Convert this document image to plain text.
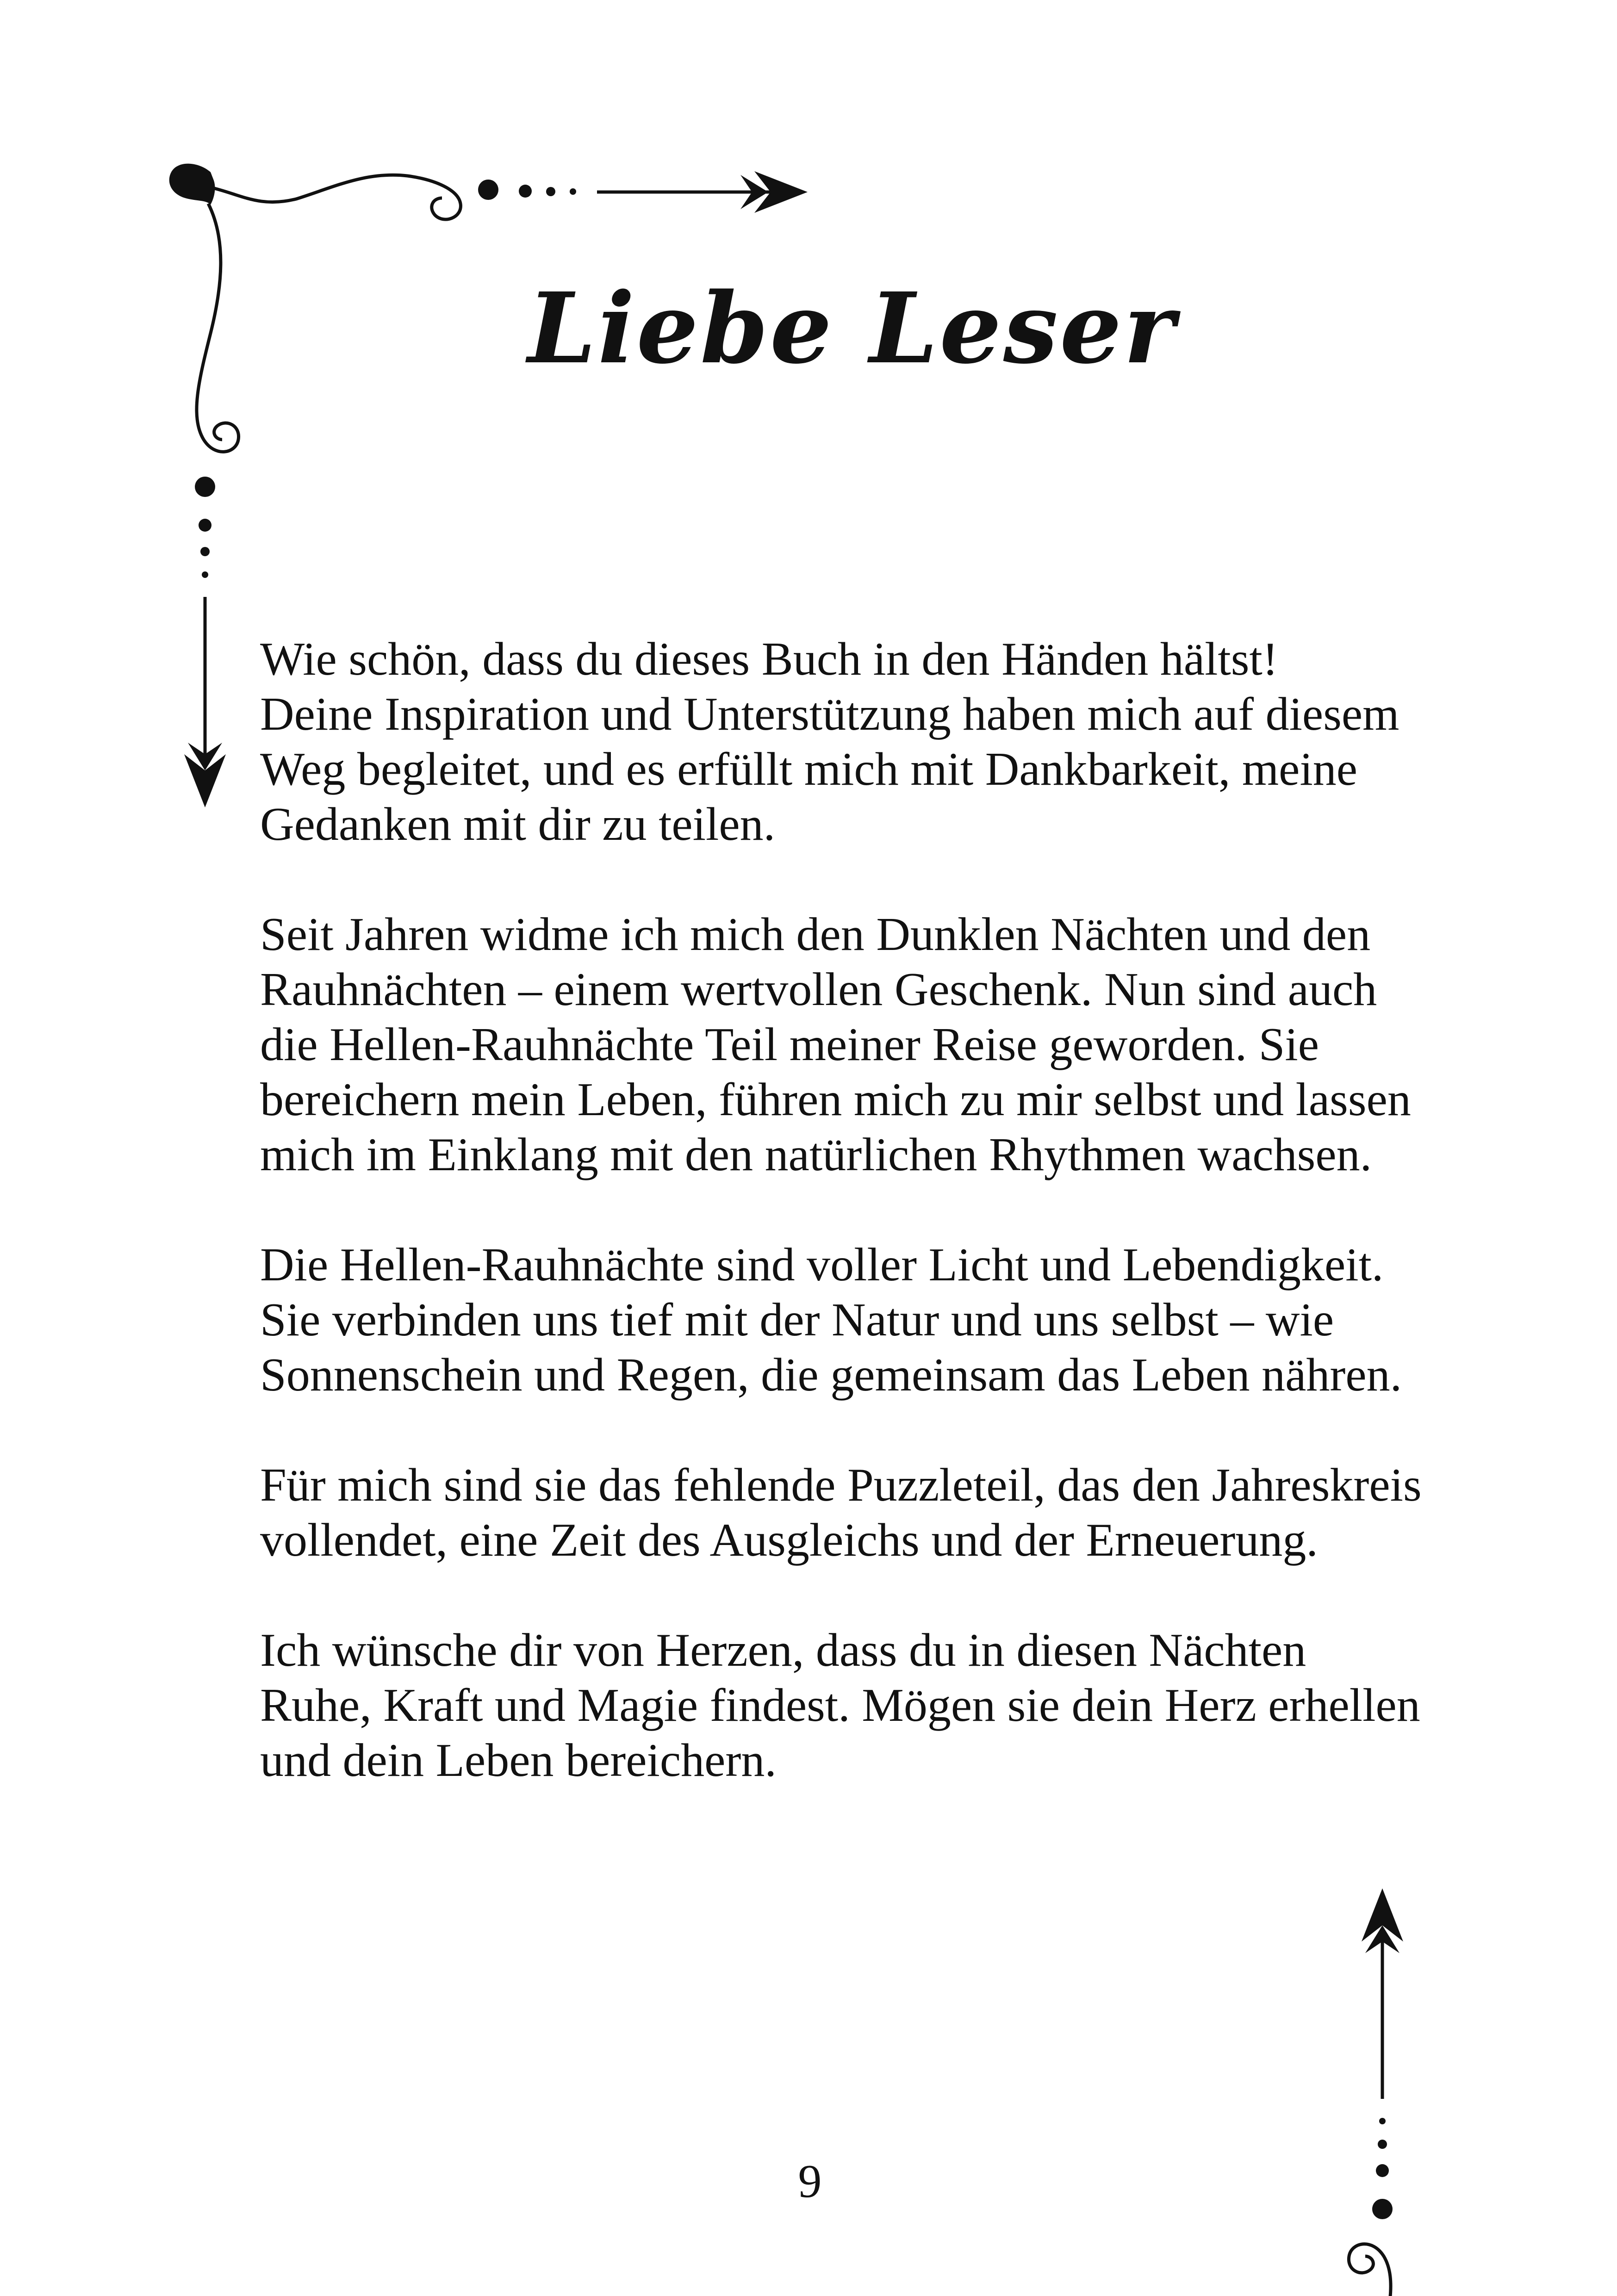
Liebe Leser

Wie schön, dass du dieses Buch in den Händen hältst!
Deine Inspiration und Unterstützung haben mich auf diesem
Weg begleitet, und es erfüllt mich mit Dankbarkeit, meine
Gedanken mit dir zu teilen.

Seit Jahren widme ich mich den Dunklen Nächten und den
Rauhnächten – einem wertvollen Geschenk. Nun sind auch
die Hellen-Rauhnächte Teil meiner Reise geworden. Sie
bereichern mein Leben, führen mich zu mir selbst und lassen
mich im Einklang mit den natürlichen Rhythmen wachsen.

Die Hellen-Rauhnächte sind voller Licht und Lebendigkeit.
Sie verbinden uns tief mit der Natur und uns selbst – wie
Sonnenschein und Regen, die gemeinsam das Leben nähren.

Für mich sind sie das fehlende Puzzleteil, das den Jahreskreis
vollendet, eine Zeit des Ausgleichs und der Erneuerung.

Ich wünsche dir von Herzen, dass du in diesen Nächten
Ruhe, Kraft und Magie findest. Mögen sie dein Herz erhellen
und dein Leben bereichern.

9
